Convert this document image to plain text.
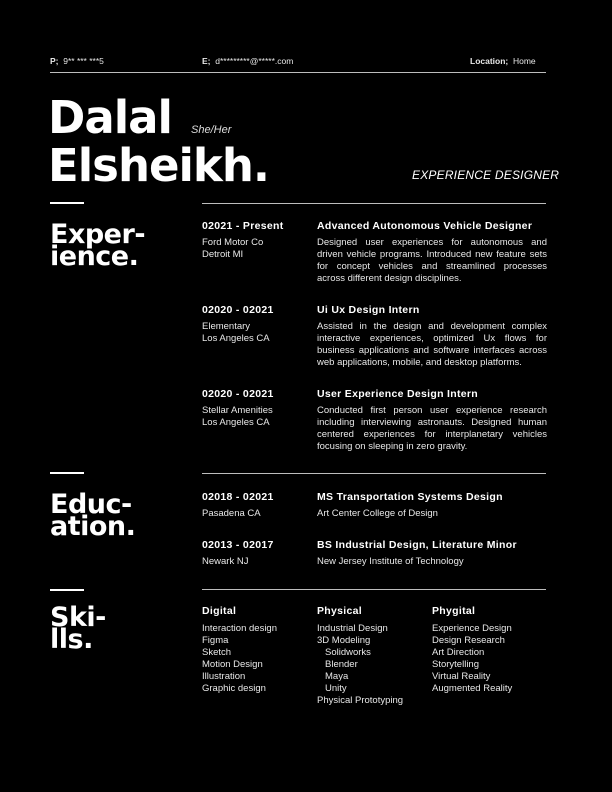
P; 9** *** ***5	E; d*********@*****.com	Location; Home
Dalal
Elsheikh.
She/Her
EXPERIENCE DESIGNER
Exper-
ience.
02021 - Present
Ford Motor Co
Detroit MI
Advanced Autonomous Vehicle Designer
Designed user experiences for autonomous and driven vehicle programs. Introduced new feature sets for concept vehicles and streamlined processes across different design disciplines.
02020 - 02021
Elementary
Los Angeles CA
Ui Ux Design Intern
Assisted in the design and development complex interactive experiences, optimized Ux flows for business applications and software interfaces across web applications, mobile, and desktop platforms.
02020 - 02021
Stellar Amenities
Los Angeles CA
User Experience Design Intern
Conducted first person user experience research including interviewing astronauts. Designed human centered experiences for interplanetary vehicles focusing on sleeping in zero gravity.
Educ-
ation.
02018 - 02021
Pasadena CA
MS Transportation Systems Design
Art Center College of Design
02013 - 02017
Newark NJ
BS Industrial Design, Literature Minor
New Jersey Institute of Technology
Ski-
lls.
Digital
Interaction design
Figma
Sketch
Motion Design
Illustration
Graphic design
Physical
Industrial Design
3D Modeling
Solidworks
Blender
Maya
Unity
Physical Prototyping
Phygital
Experience Design
Design Research
Art Direction
Storytelling
Virtual Reality
Augmented Reality
